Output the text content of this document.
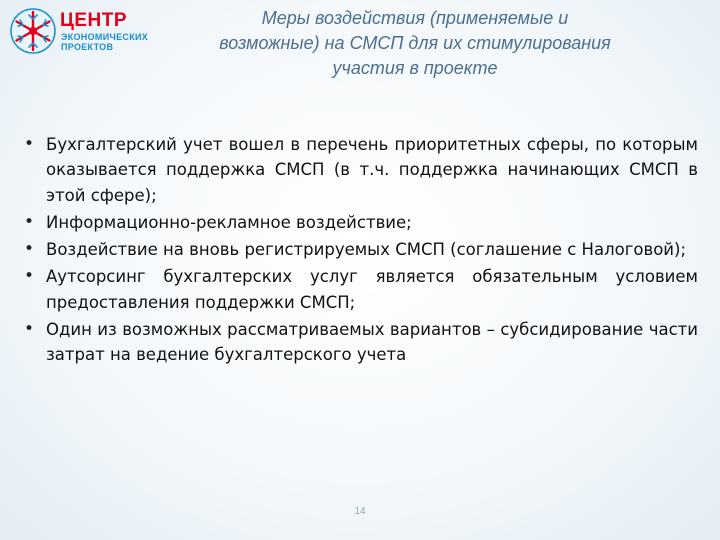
ЦЕНТР
ЭКОНОМИЧЕСКИХ
ПРОЕКТОВ
Меры воздействия (применяемые и
возможные) на СМСП для их стимулирования
участия в проекте
• Бухгалтерский учет вошел в перечень приоритетных сферы, по которым оказывается поддержка СМСП (в т.ч. поддержка начинающих СМСП в этой сфере);
• Информационно-рекламное воздействие;
• Воздействие на вновь регистрируемых СМСП (соглашение с Налоговой);
• Аутсорсинг бухгалтерских услуг является обязательным условием предоставления поддержки СМСП;
• Один из возможных рассматриваемых вариантов – субсидирование части затрат на ведение бухгалтерского учета
14
